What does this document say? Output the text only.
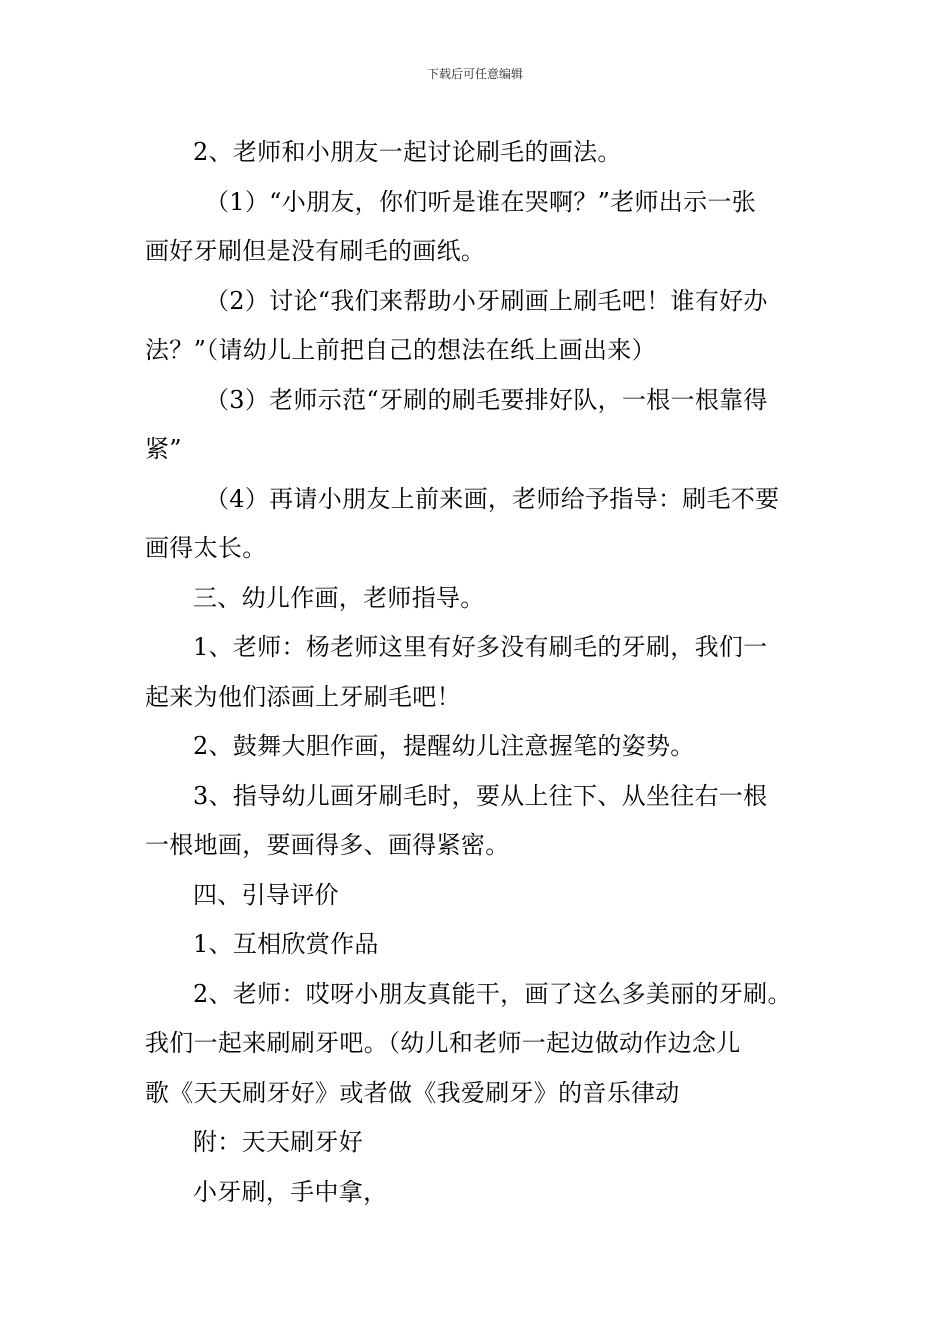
下载后可任意编辑

2、老师和小朋友一起讨论刷毛的画法。

（1）“小朋友，你们听是谁在哭啊？”老师出示一张

画好牙刷但是没有刷毛的画纸。

（2）讨论“我们来帮助小牙刷画上刷毛吧！谁有好办

法？”（请幼儿上前把自己的想法在纸上画出来）

（3）老师示范“牙刷的刷毛要排好队，一根一根靠得

紧”

（4）再请小朋友上前来画，老师给予指导：刷毛不要

画得太长。

三、幼儿作画，老师指导。

1、老师：杨老师这里有好多没有刷毛的牙刷，我们一

起来为他们添画上牙刷毛吧！

2、鼓舞大胆作画，提醒幼儿注意握笔的姿势。

3、指导幼儿画牙刷毛时，要从上往下、从坐往右一根

一根地画，要画得多、画得紧密。

四、引导评价

1、互相欣赏作品

2、老师：哎呀小朋友真能干，画了这么多美丽的牙刷。

我们一起来刷刷牙吧。（幼儿和老师一起边做动作边念儿

歌《天天刷牙好》或者做《我爱刷牙》的音乐律动

附：天天刷牙好

小牙刷，手中拿，
